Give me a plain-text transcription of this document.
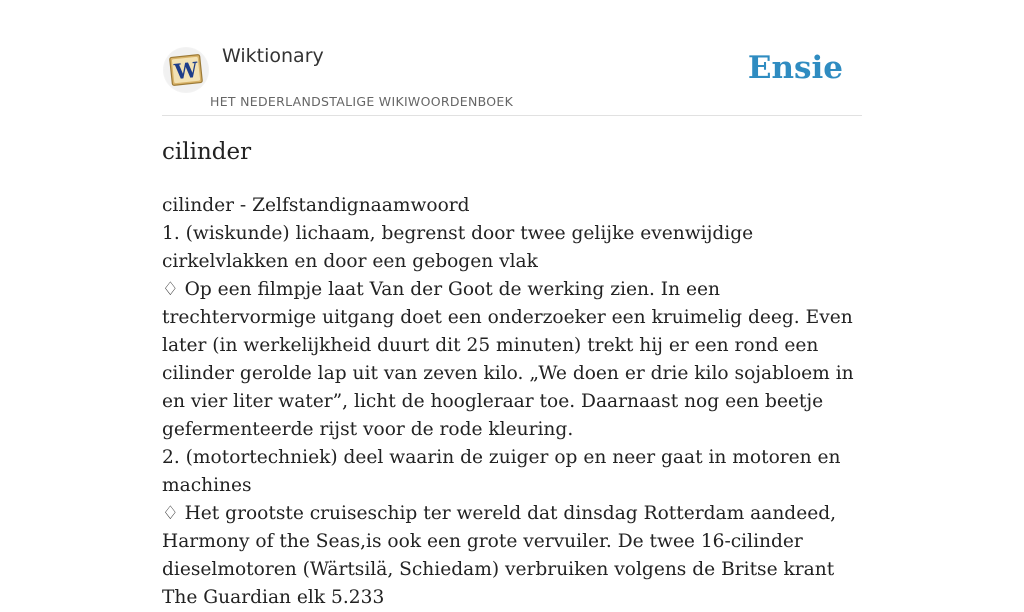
W
Wiktionary
HET NEDERLANDSTALIGE WIKIWOORDENBOEK
Ensie
cilinder

cilinder - Zelfstandignaamwoord

1. (wiskunde) lichaam, begrenst door twee gelijke evenwijdige cirkelvlakken en door een gebogen vlak

♢ Op een filmpje laat Van der Goot de werking zien. In een trechtervormige uitgang doet een onderzoeker een kruimelig deeg. Even later (in werkelijkheid duurt dit 25 minuten) trekt hij er een rond een cilinder gerolde lap uit van zeven kilo. „We doen er drie kilo sojabloem in en vier liter water”, licht de hoogleraar toe. Daarnaast nog een beetje gefermenteerde rijst voor de rode kleuring.

2. (motortechniek) deel waarin de zuiger op en neer gaat in motoren en machines

♢ Het grootste cruiseschip ter wereld dat dinsdag Rotterdam aandeed, Harmony of the Seas,is ook een grote vervuiler. De twee 16-cilinder dieselmotoren (Wärtsilä, Schiedam) verbruiken volgens de Britse krant The Guardian elk 5.233
